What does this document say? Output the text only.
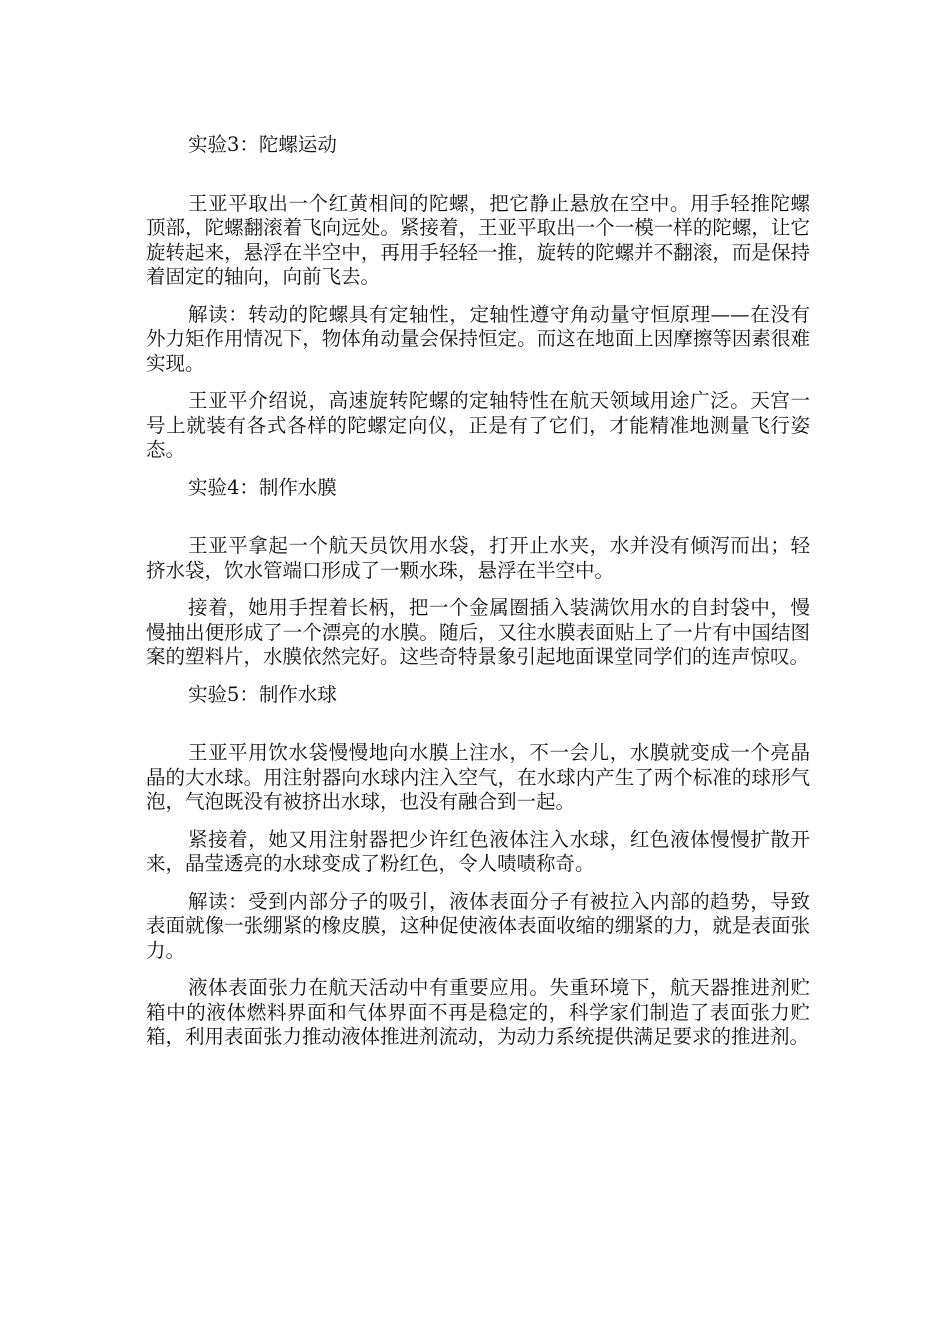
实验3：陀螺运动

王亚平取出一个红黄相间的陀螺，把它静止悬放在空中。用手轻推陀螺顶部，陀螺翻滚着飞向远处。紧接着，王亚平取出一个一模一样的陀螺，让它旋转起来，悬浮在半空中，再用手轻轻一推，旋转的陀螺并不翻滚，而是保持着固定的轴向，向前飞去。

解读：转动的陀螺具有定轴性，定轴性遵守角动量守恒原理——在没有外力矩作用情况下，物体角动量会保持恒定。而这在地面上因摩擦等因素很难实现。

王亚平介绍说，高速旋转陀螺的定轴特性在航天领域用途广泛。天宫一号上就装有各式各样的陀螺定向仪，正是有了它们，才能精准地测量飞行姿态。

实验4：制作水膜

王亚平拿起一个航天员饮用水袋，打开止水夹，水并没有倾泻而出；轻挤水袋，饮水管端口形成了一颗水珠，悬浮在半空中。

接着，她用手捏着长柄，把一个金属圈插入装满饮用水的自封袋中，慢慢抽出便形成了一个漂亮的水膜。随后，又往水膜表面贴上了一片有中国结图案的塑料片，水膜依然完好。这些奇特景象引起地面课堂同学们的连声惊叹。

实验5：制作水球

王亚平用饮水袋慢慢地向水膜上注水，不一会儿，水膜就变成一个亮晶晶的大水球。用注射器向水球内注入空气，在水球内产生了两个标准的球形气泡，气泡既没有被挤出水球，也没有融合到一起。

紧接着，她又用注射器把少许红色液体注入水球，红色液体慢慢扩散开来，晶莹透亮的水球变成了粉红色，令人啧啧称奇。

解读：受到内部分子的吸引，液体表面分子有被拉入内部的趋势，导致表面就像一张绷紧的橡皮膜，这种促使液体表面收缩的绷紧的力，就是表面张力。

液体表面张力在航天活动中有重要应用。失重环境下，航天器推进剂贮箱中的液体燃料界面和气体界面不再是稳定的，科学家们制造了表面张力贮箱，利用表面张力推动液体推进剂流动，为动力系统提供满足要求的推进剂。
